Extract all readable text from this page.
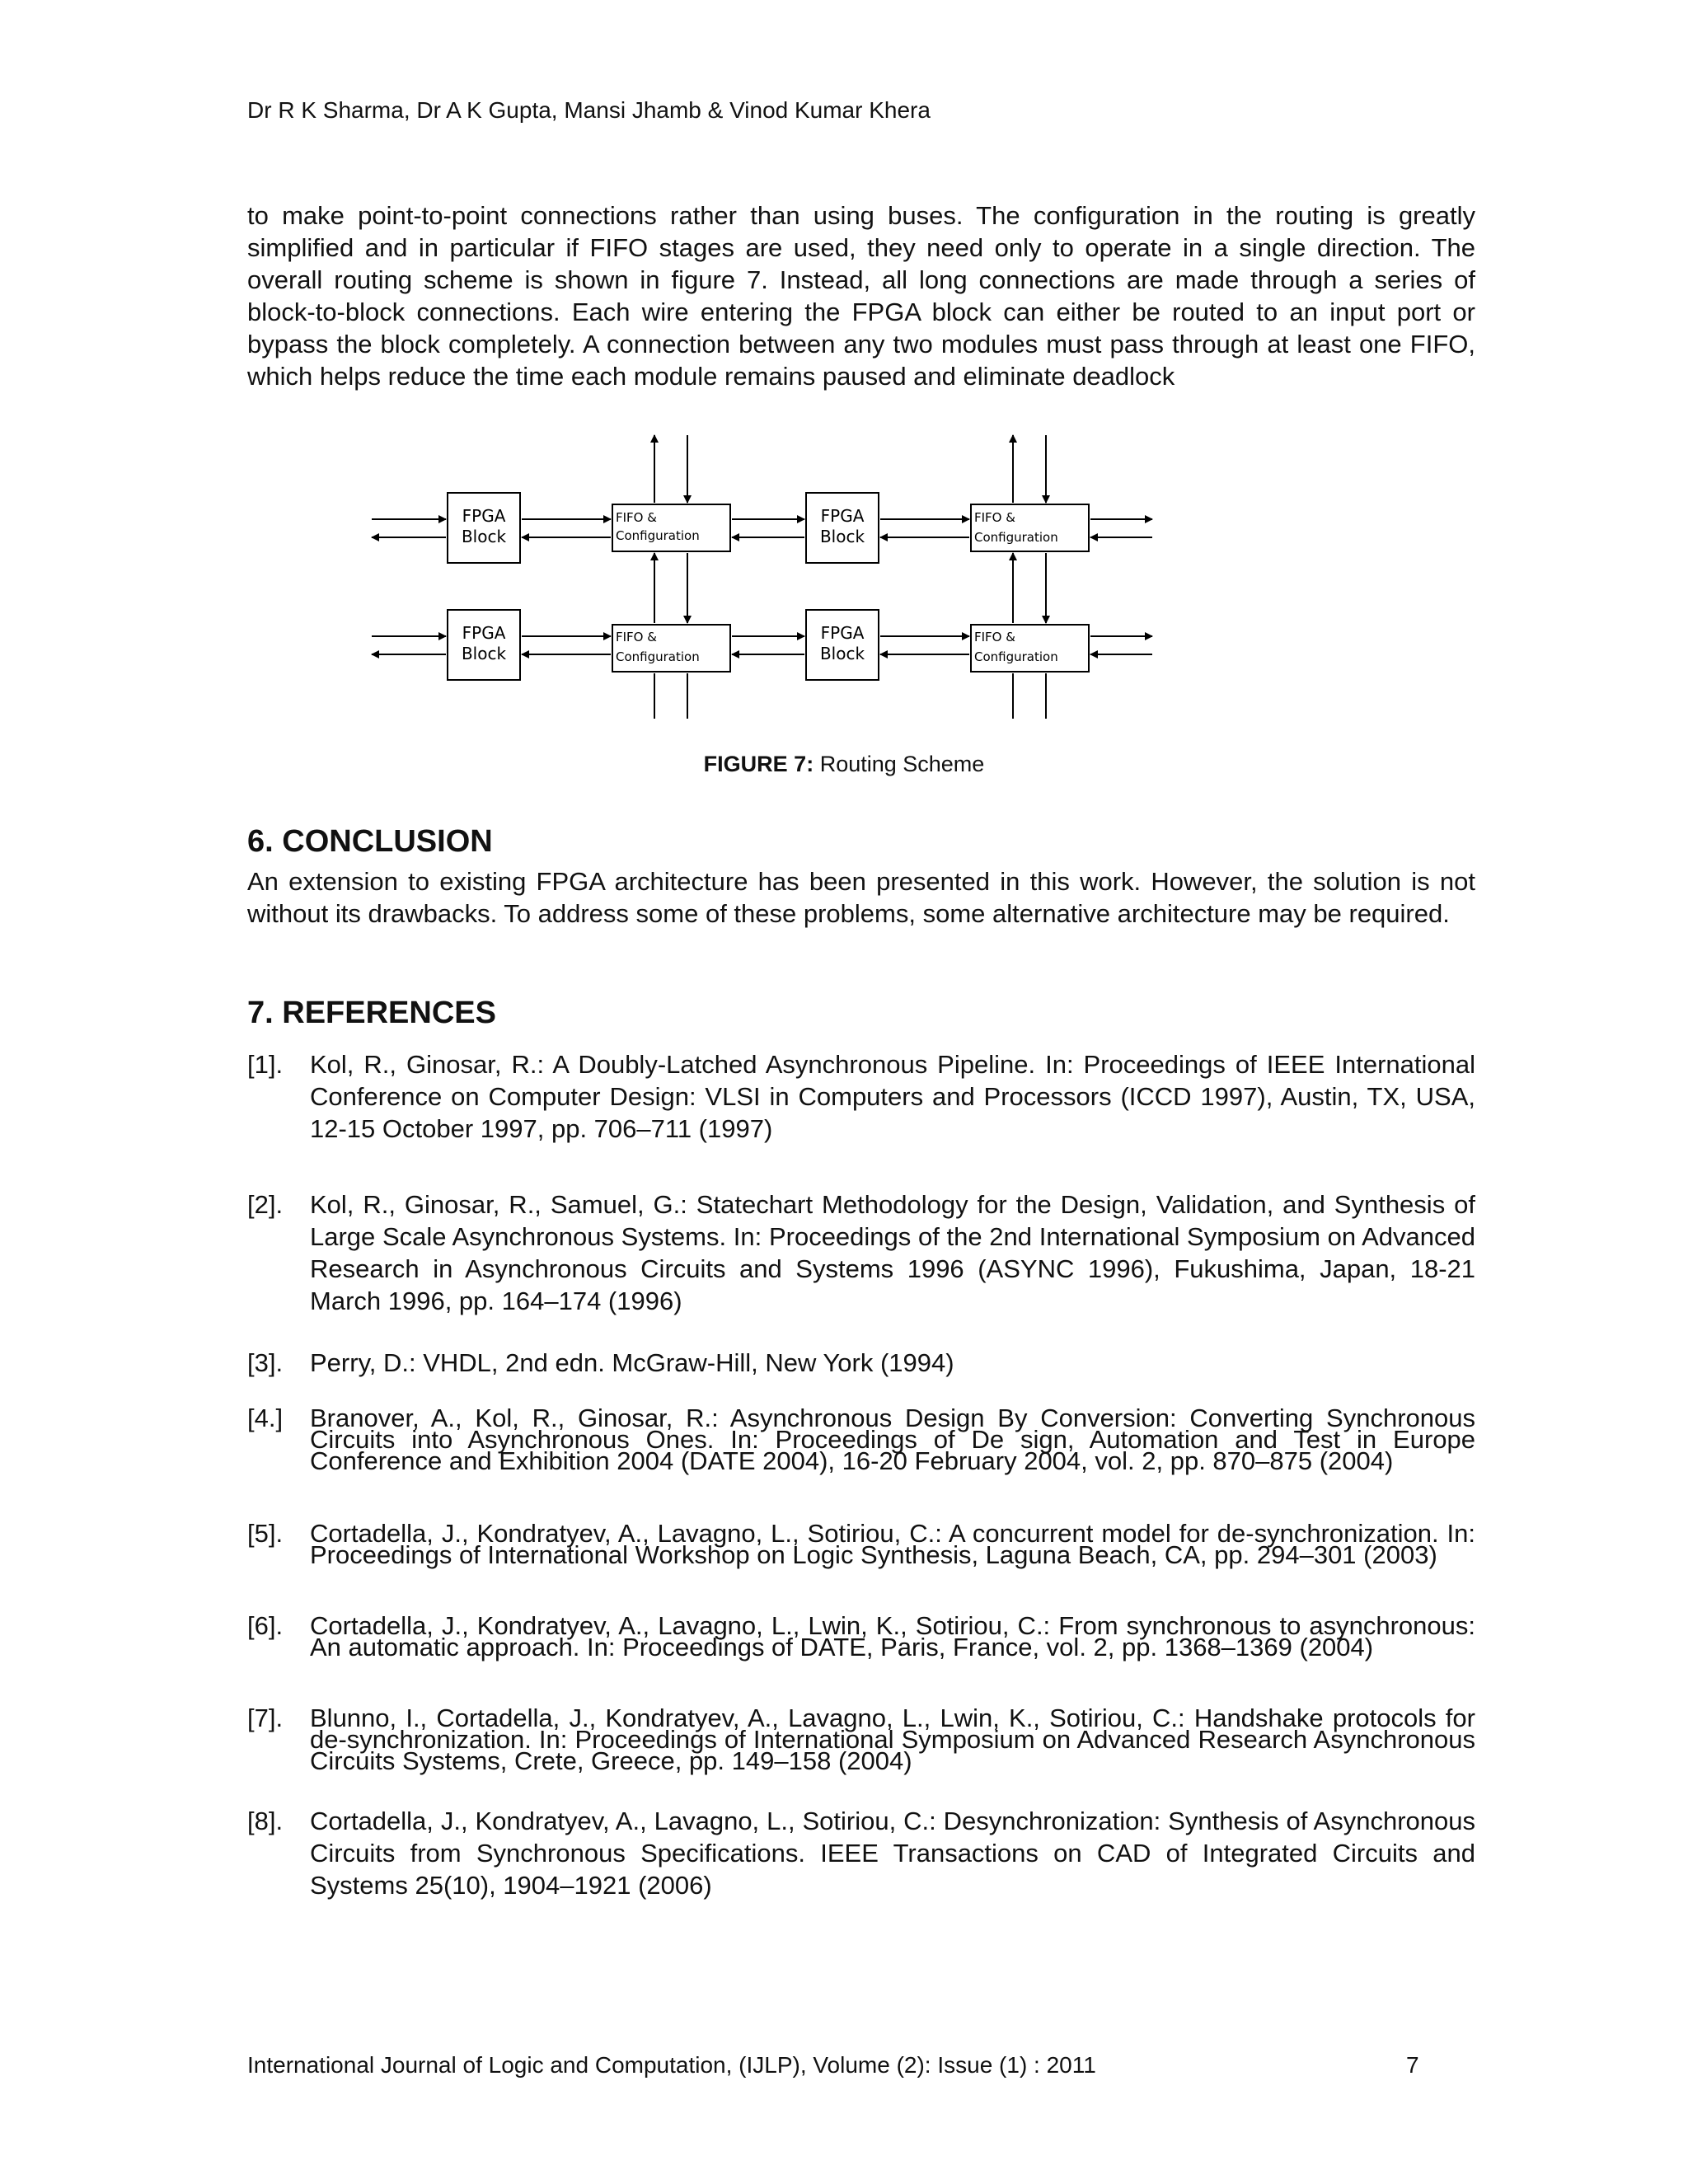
Dr R K Sharma, Dr A K Gupta, Mansi Jhamb & Vinod Kumar Khera
to make point-to-point connections rather than using buses. The configuration in the routing is greatly simplified and in particular if FIFO stages are used, they need only to operate in a single direction. The overall routing scheme is shown in figure 7. Instead, all long connections are made through a series of block-to-block connections. Each wire entering the FPGA block can either be routed to an input port or bypass the block completely. A connection between any two modules must pass through at least one FIFO, which helps reduce the time each module remains paused and eliminate deadlock
FPGA
Block
FPGA
Block
FPGA
Block
FPGA
Block
FIFO &
Configuration
FIFO &
Configuration
FIFO &
Configuration
FIFO &
Configuration
FIGURE 7: Routing Scheme
6. CONCLUSION
An extension to existing FPGA architecture has been presented in this work. However, the solution is not without its drawbacks. To address some of these problems, some alternative architecture may be required.
7. REFERENCES
[1]. Kol, R., Ginosar, R.: A Doubly-Latched Asynchronous Pipeline. In: Proceedings of IEEE International Conference on Computer Design: VLSI in Computers and Processors (ICCD 1997), Austin, TX, USA, 12-15 October 1997, pp. 706–711 (1997)
[2]. Kol, R., Ginosar, R., Samuel, G.: Statechart Methodology for the Design, Validation, and Synthesis of Large Scale Asynchronous Systems. In: Proceedings of the 2nd International Symposium on Advanced Research in Asynchronous Circuits and Systems 1996 (ASYNC 1996), Fukushima, Japan, 18-21 March 1996, pp. 164–174 (1996)
[3]. Perry, D.: VHDL, 2nd edn. McGraw-Hill, New York (1994)
[4.] Branover, A., Kol, R., Ginosar, R.: Asynchronous Design By Conversion: Converting Synchronous Circuits into Asynchronous Ones. In: Proceedings of De sign, Automation and Test in Europe Conference and Exhibition 2004 (DATE 2004), 16-20 February 2004, vol. 2, pp. 870–875 (2004)
[5]. Cortadella, J., Kondratyev, A., Lavagno, L., Sotiriou, C.: A concurrent model for de-synchronization. In: Proceedings of International Workshop on Logic Synthesis, Laguna Beach, CA, pp. 294–301 (2003)
[6]. Cortadella, J., Kondratyev, A., Lavagno, L., Lwin, K., Sotiriou, C.: From synchronous to asynchronous: An automatic approach. In: Proceedings of DATE, Paris, France, vol. 2, pp. 1368–1369 (2004)
[7]. Blunno, I., Cortadella, J., Kondratyev, A., Lavagno, L., Lwin, K., Sotiriou, C.: Handshake protocols for de-synchronization. In: Proceedings of International Symposium on Advanced Research Asynchronous Circuits Systems, Crete, Greece, pp. 149–158 (2004)
[8]. Cortadella, J., Kondratyev, A., Lavagno, L., Sotiriou, C.: Desynchronization: Synthesis of Asynchronous Circuits from Synchronous Specifications. IEEE Transactions on CAD of Integrated Circuits and Systems 25(10), 1904–1921 (2006)
International Journal of Logic and Computation, (IJLP), Volume (2): Issue (1) : 2011	7
